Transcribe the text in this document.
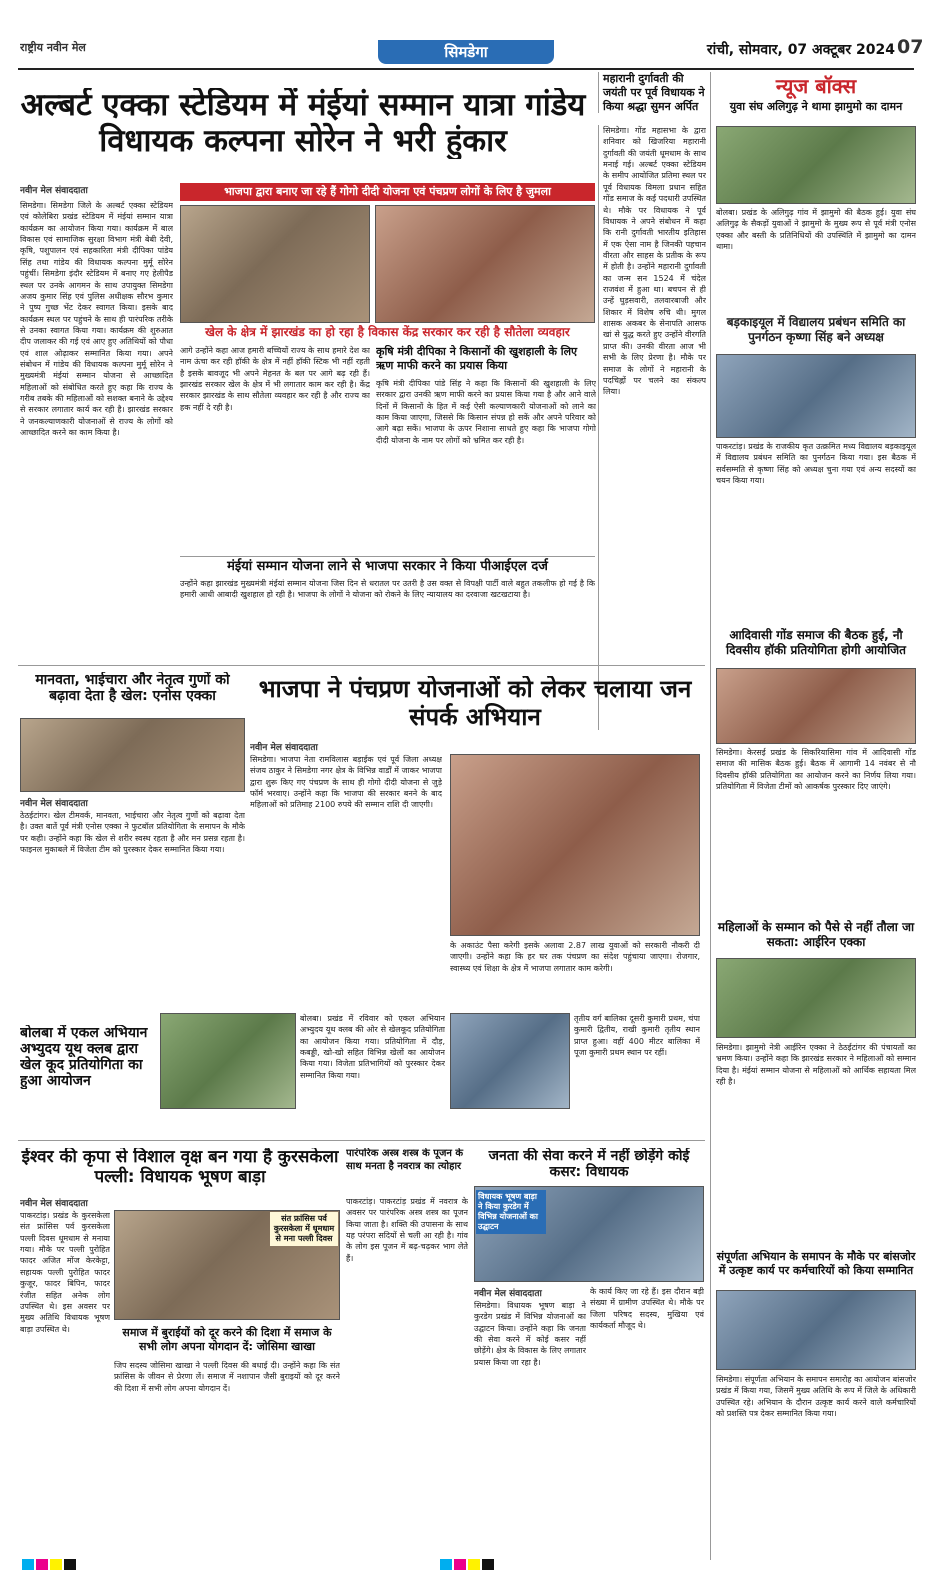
राष्ट्रीय नवीन मेल	सिमडेगा	रांची, सोमवार, 07 अक्टूबर 2024 07
अल्बर्ट एक्का स्टेडियम में मंईयां सम्मान यात्रा गांडेय विधायक कल्पना सोरेन ने भरी हुंकार
नवीन मेल संवाददाता	भाजपा द्वारा बनाए जा रहे हैं गोगो दीदी योजना एवं पंचप्रण लोगों के लिए है जुमला
सिमडेगा। सिमडेगा जिले के अल्बर्ट एक्का स्टेडियम एवं कोलेबिरा प्रखंड स्टेडियम में मंईयां सम्मान यात्रा कार्यक्रम का आयोजन किया गया। कार्यक्रम में बाल विकास एवं सामाजिक सुरक्षा विभाग मंत्री बेबी देवी, कृषि, पशुपालन एवं सहकारिता मंत्री दीपिका पांडेय सिंह तथा गांडेय की विधायक कल्पना मुर्मू सोरेन पहुंचीं। सिमडेगा इंदौर स्टेडियम में बनाए गए हेलीपैड स्थल पर उनके आगमन के साथ उपायुक्त सिमडेगा अजय कुमार सिंह एवं पुलिस अधीक्षक सौरभ कुमार ने पुष्प गुच्छ भेंट देकर स्वागत किया। इसके बाद कार्यक्रम स्थल पर पहुंचने के साथ ही पारंपरिक तरीके से उनका स्वागत किया गया। कार्यक्रम की शुरुआत दीप जलाकर की गई एवं आए हुए अतिथियों को पौधा एवं शाल ओढ़ाकर सम्मानित किया गया। अपने संबोधन में गांडेय की विधायक कल्पना मुर्मू सोरेन ने मुख्यमंत्री मंईयां सम्मान योजना से आच्छादित महिलाओं को संबोधित करते हुए कहा कि राज्य के गरीब तबके की महिलाओं को सशक्त बनाने के उद्देश्य से सरकार लगातार कार्य कर रही है। झारखंड सरकार ने जनकल्याणकारी योजनाओं से राज्य के लोगों को आच्छादित करने का काम किया है।
खेल के क्षेत्र में झारखंड का हो रहा है विकास केंद्र सरकार कर रही है सौतेला व्यवहार
आगे उन्होंने कहा आज हमारी बच्चियों राज्य के साथ हमारे देश का नाम ऊंचा कर रही हॉकी के क्षेत्र में नहीं हॉकी स्टिक भी नहीं रहती है इसके बावजूद भी अपने मेहनत के बल पर आगे बढ़ रही हैं। झारखंड सरकार खेल के क्षेत्र में भी लगातार काम कर रही है। केंद्र सरकार झारखंड के साथ सौतेला व्यवहार कर रही है और राज्य का हक नहीं दे रही है।
मंईयां सम्मान योजना लाने से भाजपा सरकार ने किया पीआईएल दर्ज
उन्होंने कहा झारखंड मुख्यमंत्री मंईयां सम्मान योजना जिस दिन से धरातल पर उतरी है उस वक्त से विपक्षी पार्टी वाले बहुत तकलीफ हो गई है कि हमारी आधी आबादी खुशहाल हो रही है। भाजपा के लोगों ने योजना को रोकने के लिए न्यायालय का दरवाजा खटखटाया है।
कृषि मंत्री दीपिका ने किसानों की खुशहाली के लिए ऋण माफी करने का प्रयास किया
कृषि मंत्री दीपिका पांडे सिंह ने कहा कि किसानों की खुशहाली के लिए सरकार द्वारा उनकी ऋण माफी करने का प्रयास किया गया है और आने वाले दिनों में किसानों के हित में कई ऐसी कल्याणकारी योजनाओं को लाने का काम किया जाएगा, जिससे कि किसान संपन्न हो सकें और अपने परिवार को आगे बढ़ा सकें। भाजपा के ऊपर निशाना साधते हुए कहा कि भाजपा गोगो दीदी योजना के नाम पर लोगों को भ्रमित कर रही है।
महारानी दुर्गावती की जयंती पर पूर्व विधायक ने किया श्रद्धा सुमन अर्पित
सिमडेगा। गोंड महासभा के द्वारा शनिवार को खिजरिया महारानी दुर्गावती की जयंती धूमधाम के साथ मनाई गई। अल्बर्ट एक्का स्टेडियम के समीप आयोजित प्रतिमा स्थल पर पूर्व विधायक विमला प्रधान सहित गोंड समाज के कई पदधारी उपस्थित थे। मौके पर विधायक ने पूर्व विधायक ने अपने संबोधन में कहा कि रानी दुर्गावती भारतीय इतिहास में एक ऐसा नाम है जिनकी पहचान वीरता और साहस के प्रतीक के रूप में होती है। उन्होंने महारानी दुर्गावती का जन्म सन 1524 में चंदेल राजवंश में हुआ था। बचपन से ही उन्हें घुड़सवारी, तलवारबाजी और शिकार में विशेष रुचि थी। मुगल शासक अकबर के सेनापति आसफ खां से युद्ध करते हुए उन्होंने वीरगति प्राप्त की। उनकी वीरता आज भी सभी के लिए प्रेरणा है। मौके पर समाज के लोगों ने महारानी के पदचिह्नों पर चलने का संकल्प लिया।
न्यूज बॉक्स
युवा संघ अलिगुढ़ ने थामा झामुमो का दामन
बोलबा। प्रखंड के अलिगुढ़ गांव में झामुमो की बैठक हुई। युवा संघ अलिगुढ़ के सैकड़ों युवाओं ने झामुमो के मुख्य रूप से पूर्व मंत्री एनोस एक्का और बस्ती के प्रतिनिधियों की उपस्थिति में झामुमो का दामन थामा।
बड़काइयूल में विद्यालय प्रबंधन समिति का पुनर्गठन कृष्णा सिंह बने अध्यक्ष
पाकरटांड़। प्रखंड के राजकीय कृत उत्क्रमित मध्य विद्यालय बड़काइयूल में विद्यालय प्रबंधन समिति का पुनर्गठन किया गया। इस बैठक में सर्वसम्मति से कृष्णा सिंह को अध्यक्ष चुना गया एवं अन्य सदस्यों का चयन किया गया।
आदिवासी गोंड समाज की बैठक हुई, नौ दिवसीय हॉकी प्रतियोगिता होगी आयोजित
सिमडेगा। केरसई प्रखंड के सिकरियासिमा गांव में आदिवासी गोंड समाज की मासिक बैठक हुई। बैठक में आगामी 14 नवंबर से नौ दिवसीय हॉकी प्रतियोगिता का आयोजन करने का निर्णय लिया गया। प्रतियोगिता में विजेता टीमों को आकर्षक पुरस्कार दिए जाएंगे।
महिलाओं के सम्मान को पैसे से नहीं तौला जा सकता: आईरिन एक्का
सिमडेगा। झामुमो नेत्री आईरिन एक्का ने ठेठईटांगर की पंचायतों का भ्रमण किया। उन्होंने कहा कि झारखंड सरकार ने महिलाओं को सम्मान दिया है। मंईयां सम्मान योजना से महिलाओं को आर्थिक सहायता मिल रही है।
संपूर्णता अभियान के समापन के मौके पर बांसजोर में उत्कृष्ट कार्य पर कर्मचारियों को किया सम्मानित
सिमडेगा। संपूर्णता अभियान के समापन समारोह का आयोजन बांसजोर प्रखंड में किया गया, जिसमें मुख्य अतिथि के रूप में जिले के अधिकारी उपस्थित रहे। अभियान के दौरान उत्कृष्ट कार्य करने वाले कर्मचारियों को प्रशस्ति पत्र देकर सम्मानित किया गया।
मानवता, भाईचारा और नेतृत्व गुणों को बढ़ावा देता है खेल: एनोस एक्का
नवीन मेल संवाददाता
ठेठईटांगर। खेल टीमवर्क, मानवता, भाईचारा और नेतृत्व गुणों को बढ़ावा देता है। उक्त बातें पूर्व मंत्री एनोस एक्का ने फुटबॉल प्रतियोगिता के समापन के मौके पर कही। उन्होंने कहा कि खेल से शरीर स्वस्थ रहता है और मन प्रसन्न रहता है। फाइनल मुकाबले में विजेता टीम को पुरस्कार देकर सम्मानित किया गया।
भाजपा ने पंचप्रण योजनाओं को लेकर चलाया जन संपर्क अभियान
नवीन मेल संवाददाता
सिमडेगा। भाजपा नेता रामविलास बड़ाईक एवं पूर्व जिला अध्यक्ष संजय ठाकुर ने सिमडेगा नगर क्षेत्र के विभिन्न वार्डों में जाकर भाजपा द्वारा शुरू किए गए पंचप्रण के साथ ही गोगो दीदी योजना से जुड़े फॉर्म भरवाए। उन्होंने कहा कि भाजपा की सरकार बनने के बाद महिलाओं को प्रतिमाह 2100 रुपये की सम्मान राशि दी जाएगी।
के अकाउंट पैसा करेगी इसके अलावा 2.87 लाख युवाओं को सरकारी नौकरी दी जाएगी। उन्होंने कहा कि हर घर तक पंचप्रण का संदेश पहुंचाया जाएगा। रोजगार, स्वास्थ्य एवं शिक्षा के क्षेत्र में भाजपा लगातार काम करेगी।
बोलबा में एकल अभियान अभ्युदय यूथ क्लब द्वारा खेल कूद प्रतियोगिता का हुआ आयोजन
बोलबा। प्रखंड में रविवार को एकल अभियान अभ्युदय यूथ क्लब की ओर से खेलकूद प्रतियोगिता का आयोजन किया गया। प्रतियोगिता में दौड़, कबड्डी, खो-खो सहित विभिन्न खेलों का आयोजन किया गया। विजेता प्रतिभागियों को पुरस्कार देकर सम्मानित किया गया।
तृतीय वर्ग बालिका दूसरी कुमारी प्रथम, चंपा कुमारी द्वितीय, राखी कुमारी तृतीय स्थान प्राप्त हुआ। वहीं 400 मीटर बालिका में पूजा कुमारी प्रथम स्थान पर रहीं।
ईश्वर की कृपा से विशाल वृक्ष बन गया है कुरसकेला पल्ली: विधायक भूषण बाड़ा
नवीन मेल संवाददाता
पाकरटांड़। प्रखंड के कुरसकेला संत फ्रांसिस पर्व कुरसकेला पल्ली दिवस धूमधाम से मनाया गया। मौके पर पल्ली पुरोहित फादर अजित मोंज केरकेट्टा, सहायक पल्ली पुरोहित फादर कुजूर, फादर बिपिन, फादर रंजीत सहित अनेक लोग उपस्थित थे। इस अवसर पर मुख्य अतिथि विधायक भूषण बाड़ा उपस्थित थे।
संत फ्रांसिस पर्व कुरसकेला में धूमधाम से मना पल्ली दिवस
समाज में बुराईयों को दूर करने की दिशा में समाज के सभी लोग अपना योगदान दें: जोसिमा खाखा
जिप सदस्य जोसिमा खाखा ने पल्ली दिवस की बधाई दी। उन्होंने कहा कि संत फ्रांसिस के जीवन से प्रेरणा लें। समाज में नशापान जैसी बुराइयों को दूर करने की दिशा में सभी लोग अपना योगदान दें।
पारंपरिक अस्त्र शस्त्र के पूजन के साथ मनता है नवरात्र का त्योहार
पाकरटांड़। पाकरटांड़ प्रखंड में नवरात्र के अवसर पर पारंपरिक अस्त्र शस्त्र का पूजन किया जाता है। शक्ति की उपासना के साथ यह परंपरा सदियों से चली आ रही है। गांव के लोग इस पूजन में बढ़-चढ़कर भाग लेते हैं।
जनता की सेवा करने में नहीं छोड़ेंगे कोई कसर: विधायक
विधायक भूषण बाड़ा ने किया कुरडेग में विभिन्न योजनाओं का उद्घाटन
नवीन मेल संवाददाता
सिमडेगा। विधायक भूषण बाड़ा ने कुरडेग प्रखंड में विभिन्न योजनाओं का उद्घाटन किया। उन्होंने कहा कि जनता की सेवा करने में कोई कसर नहीं छोड़ेंगे। क्षेत्र के विकास के लिए लगातार प्रयास किया जा रहा है।
के कार्य किए जा रहे हैं। इस दौरान बड़ी संख्या में ग्रामीण उपस्थित थे। मौके पर जिला परिषद सदस्य, मुखिया एवं कार्यकर्ता मौजूद थे।
